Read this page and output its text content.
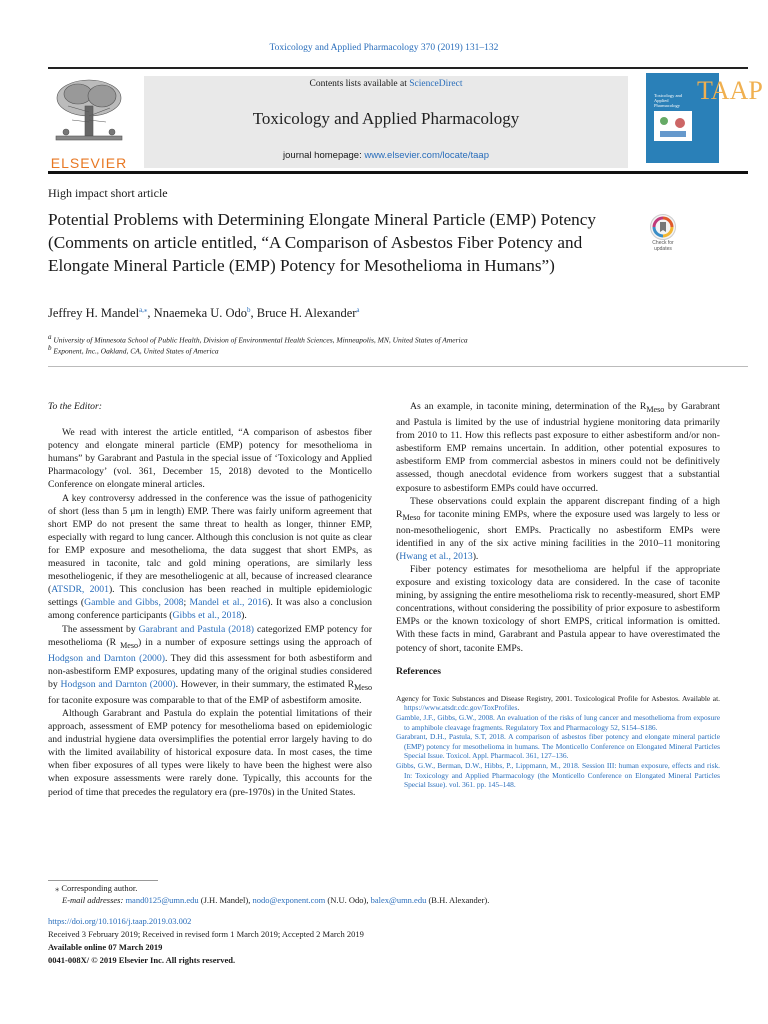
Toxicology and Applied Pharmacology 370 (2019) 131–132
ELSEVIER
Contents lists available at ScienceDirect
Toxicology and Applied Pharmacology
journal homepage: www.elsevier.com/locate/taap
Toxicology and Applied Pharmacology
TAAP
High impact short article
Potential Problems with Determining Elongate Mineral Particle (EMP) Potency (Comments on article entitled, “A Comparison of Asbestos Fiber Potency and Elongate Mineral Particle (EMP) Potency for Mesothelioma in Humans”)
Check for updates
Jeffrey H. Mandel$^{a,⁎}$, Nnaemeka U. Odo$^b$, Bruce H. Alexander$^a$
$^a$ University of Minnesota School of Public Health, Division of Environmental Health Sciences, Minneapolis, MN, United States of America
$^b$ Exponent, Inc., Oakland, CA, United States of America

To the Editor:

We read with interest the article entitled, “A comparison of asbestos fiber potency and elongate mineral particle (EMP) potency for mesothelioma in humans” by Garabrant and Pastula in the special issue of ‘Toxicology and Applied Pharmacology’ (vol. 361, December 15, 2018) devoted to the Monticello Conference on elongate mineral articles.

A key controversy addressed in the conference was the issue of pathogenicity of short (less than 5 μm in length) EMP. There was fairly uniform agreement that short EMP do not present the same threat to health as longer, thinner EMP, especially with regard to lung cancer. Although this conclusion is not quite as clear for EMP exposure and mesothelioma, the data suggest that short EMPs, as measured in taconite, talc and gold mining operations, are similarly less mesotheliogenic, if they are mesotheliogenic at all, because of increased clearance (ATSDR, 2001). This conclusion has been reached in multiple epidemiologic settings (Gamble and Gibbs, 2008; Mandel et al., 2016). It was also a conclusion among conference participants (Gibbs et al., 2018).

The assessment by Garabrant and Pastula (2018) categorized EMP potency for mesothelioma (R $_{Meso}$) in a number of exposure settings using the approach of Hodgson and Darnton (2000). They did this assessment for both asbestiform and non-asbestiform EMP exposures, updating many of the original studies considered by Hodgson and Darnton (2000). However, in their summary, the estimated $R_{Meso}$ for taconite exposure was comparable to that of the EMP of asbestiform amosite.

Although Garabrant and Pastula do explain the potential limitations of their approach, assessment of EMP potency for mesothelioma based on epidemiologic and industrial hygiene data oversimplifies the potential error largely having to do with the limited availability of historical exposure data. In most cases, the time when fiber exposures of all types were likely to have been the highest were also when exposure assessments were rarely done. Typically, this accounts for the period of time that precedes the regulatory era (pre-1970s) in the United States.

As an example, in taconite mining, determination of the $R_{Meso}$ by Garabrant and Pastula is limited by the use of industrial hygiene monitoring data primarily from 2010 to 11. How this reflects past exposure to either asbestiform and/or non-asbestiform EMP remains uncertain. In addition, other potential exposures to asbestiform EMP from commercial asbestos in miners could not be definitively assessed, though anecdotal evidence from workers suggest that a substantial exposure to asbestiform EMPs could have occurred.

These observations could explain the apparent discrepant finding of a high $R_{Meso}$ for taconite mining EMPs, where the exposure used was largely to less or non-mesotheliogenic, short EMPs. Practically no asbestiform EMPs were identified in any of the six active mining facilities in the 2010–11 monitoring (Hwang et al., 2013).

Fiber potency estimates for mesothelioma are helpful if the appropriate exposure and existing toxicology data are considered. In the case of taconite mining, by assigning the entire mesothelioma risk to recently-measured, short EMP concentrations, without considering the possibility of prior exposure to asbestiform EMPs or the known toxicology of short EMPS, critical information is omitted. With these facts in mind, Garabrant and Pastula appear to have overestimated the potency of short, taconite EMPs.

References

Agency for Toxic Substances and Disease Registry, 2001. Toxicological Profile for Asbestos. Available at. https://www.atsdr.cdc.gov/ToxProfiles.

Gamble, J.F., Gibbs, G.W., 2008. An evaluation of the risks of lung cancer and mesothelioma from exposure to amphibole cleavage fragments. Regulatory Tox and Pharmacology 52, S154–S186.

Garabrant, D.H., Pastula, S.T, 2018. A comparison of asbestos fiber potency and elongate mineral particle (EMP) potency for mesothelioma in humans. The Monticello Conference on Elongated Mineral Particles Special Issue. Toxicol. Appl. Pharmacol. 361, 127–136.

Gibbs, G.W., Berman, D.W., Hibbs, P., Lippmann, M., 2018. Session III: human exposure, effects and risk. In: Toxicology and Applied Pharmacology (the Monticello Conference on Elongated Mineral Particles Special Issue). vol. 361. pp. 145–148.

⁎ Corresponding author.
E-mail addresses: mand0125@umn.edu (J.H. Mandel), nodo@exponent.com (N.U. Odo), balex@umn.edu (B.H. Alexander).
https://doi.org/10.1016/j.taap.2019.03.002
Received 3 February 2019; Received in revised form 1 March 2019; Accepted 2 March 2019
Available online 07 March 2019
0041-008X/ © 2019 Elsevier Inc. All rights reserved.
